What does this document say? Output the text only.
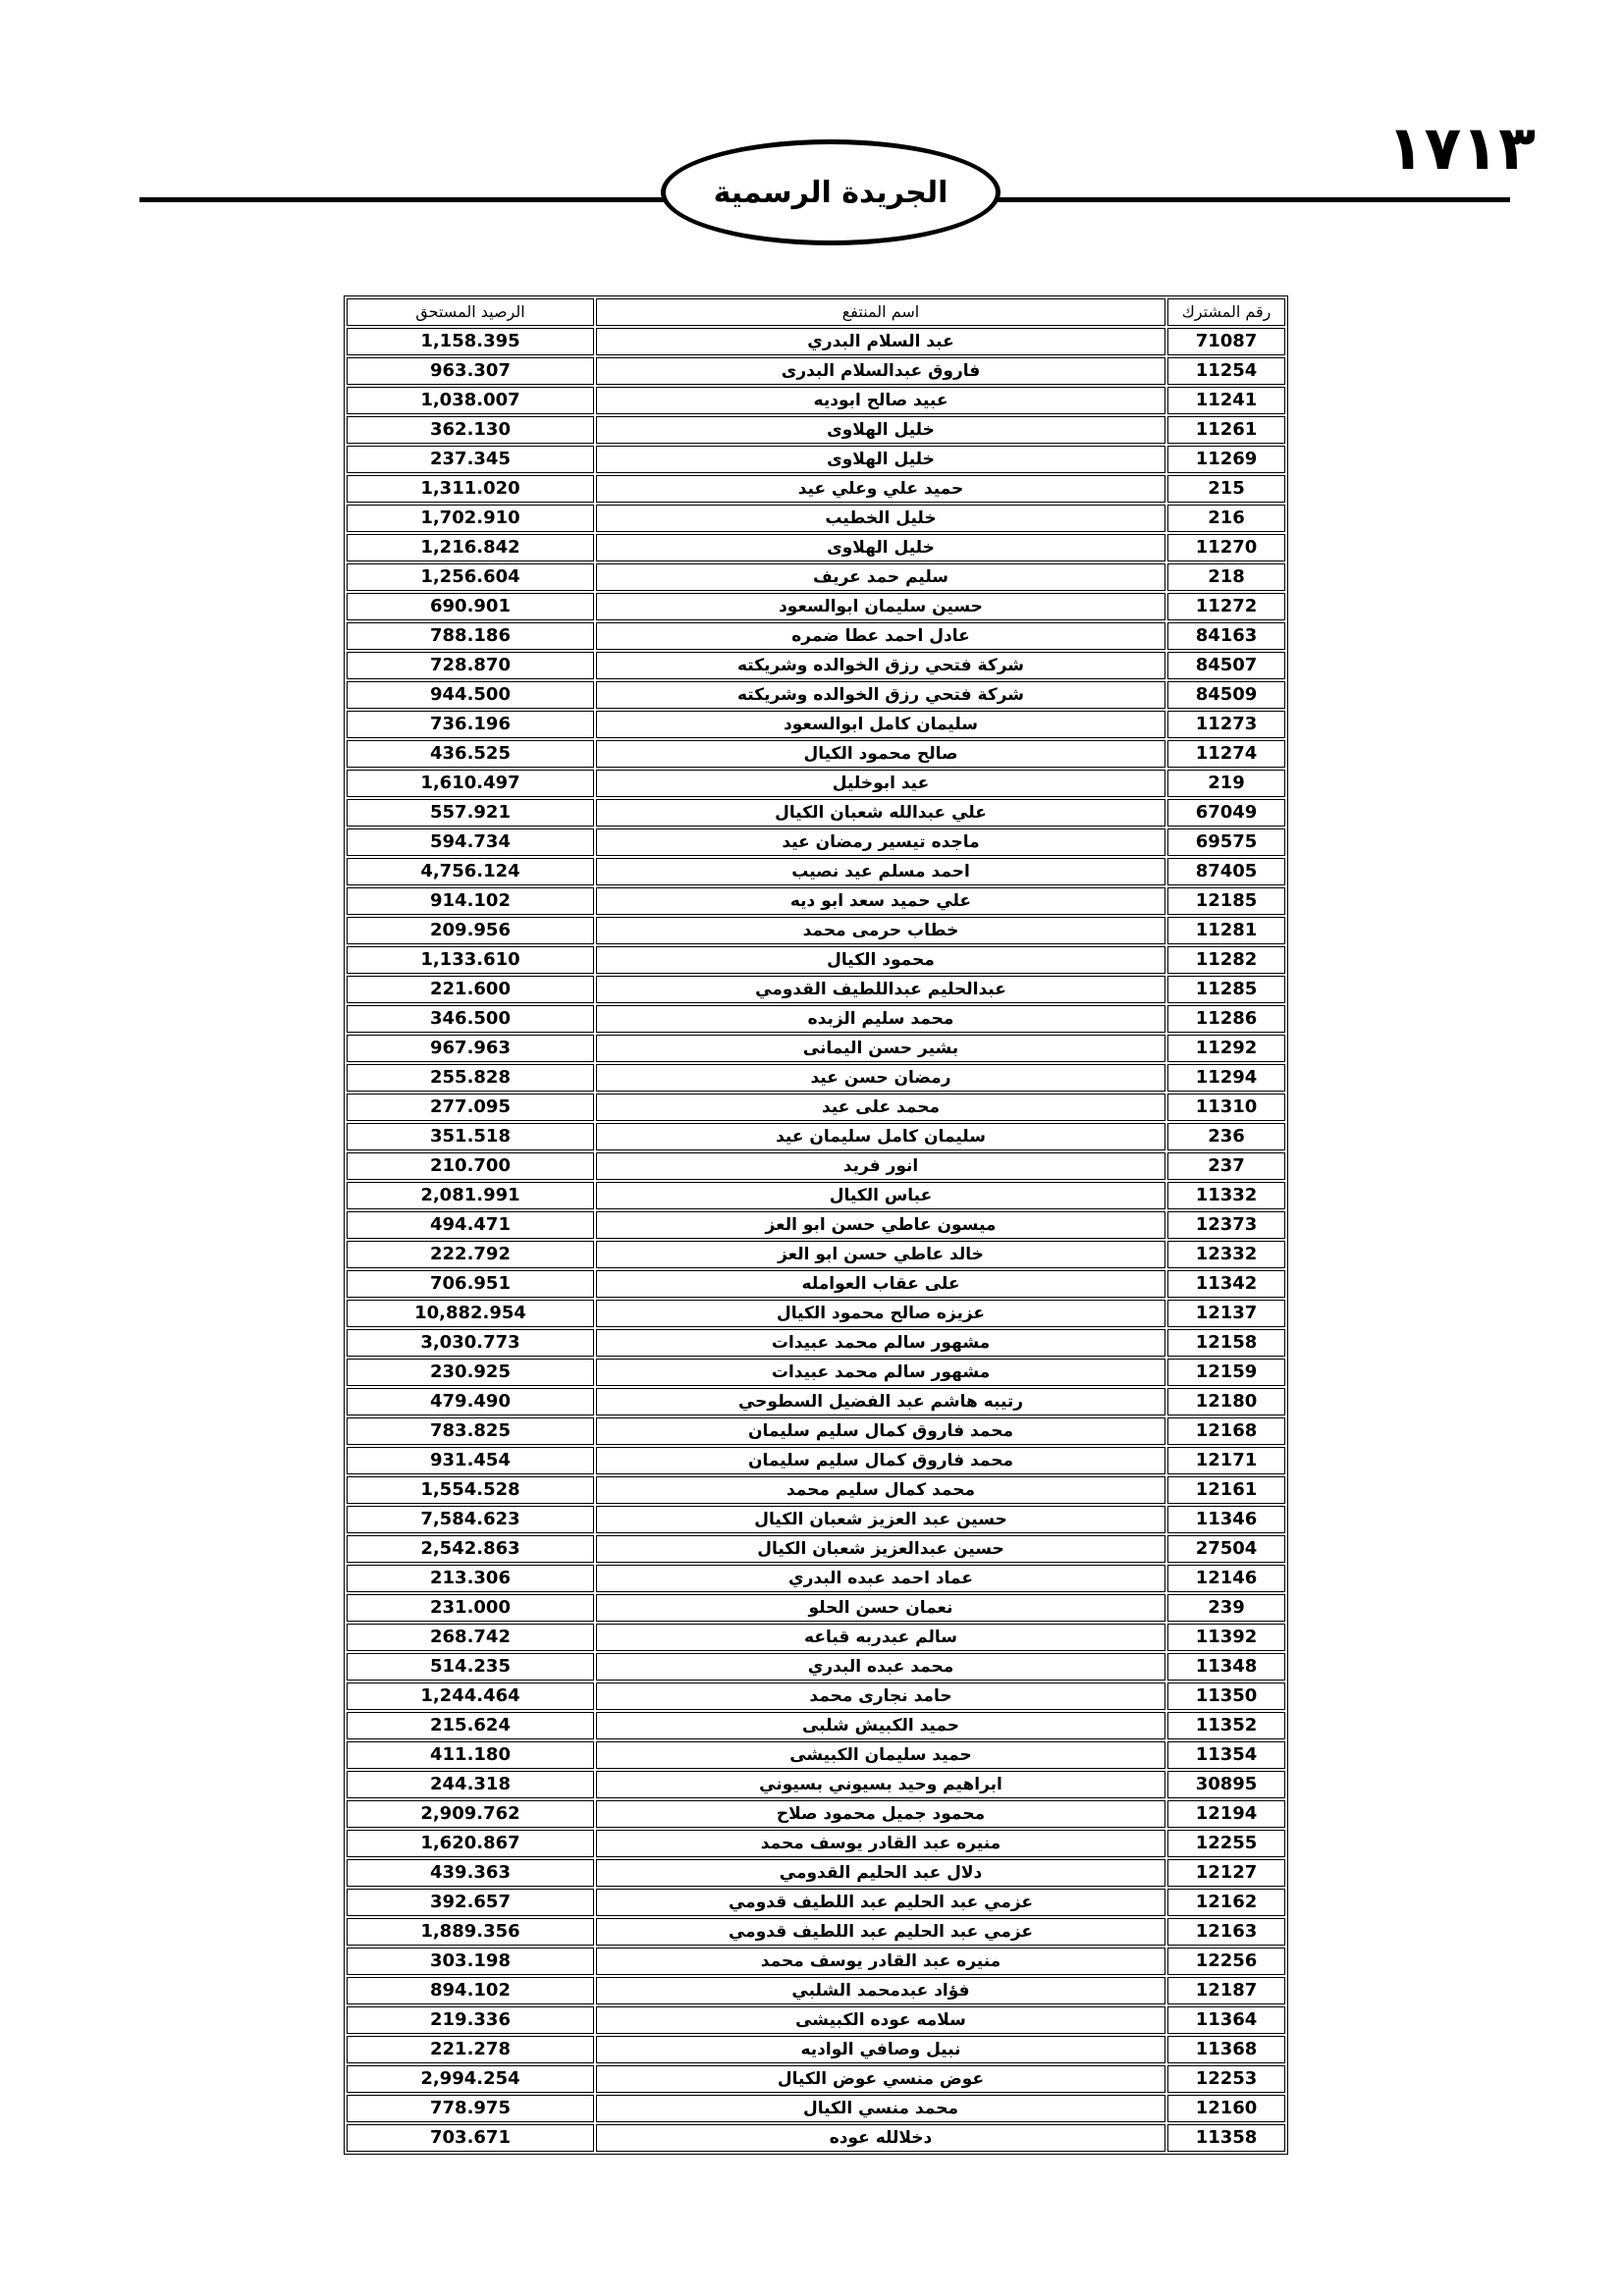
١٧١٣
الجريدة الرسمية
رقم المشترك	اسم المنتفع	الرصيد المستحق
71087	عبد السلام البدري	1,158.395
11254	فاروق عبدالسلام البدرى	963.307
11241	عبيد صالح ابوديه	1,038.007
11261	خليل الهلاوى	362.130
11269	خليل الهلاوى	237.345
215	حميد علي وعلي عيد	1,311.020
216	خليل الخطيب	1,702.910
11270	خليل الهلاوى	1,216.842
218	سليم حمد عريف	1,256.604
11272	حسين سليمان ابوالسعود	690.901
84163	عادل احمد عطا ضمره	788.186
84507	شركة فتحي رزق الخوالده وشريكته	728.870
84509	شركة فتحي رزق الخوالده وشريكته	944.500
11273	سليمان كامل ابوالسعود	736.196
11274	صالح محمود الكيال	436.525
219	عيد ابوخليل	1,610.497
67049	علي عبدالله شعبان الكيال	557.921
69575	ماجده تيسير رمضان عيد	594.734
87405	احمد مسلم عيد نصيب	4,756.124
12185	علي حميد سعد ابو ديه	914.102
11281	خطاب حرمى محمد	209.956
11282	محمود الكيال	1,133.610
11285	عبدالحليم عبداللطيف القدومي	221.600
11286	محمد سليم الزبده	346.500
11292	بشير حسن اليمانى	967.963
11294	رمضان حسن عيد	255.828
11310	محمد على عيد	277.095
236	سليمان كامل سليمان عيد	351.518
237	انور فريد	210.700
11332	عباس الكيال	2,081.991
12373	ميسون عاطي حسن ابو العز	494.471
12332	خالد عاطي حسن ابو العز	222.792
11342	على عقاب العوامله	706.951
12137	عزيزه صالح محمود الكيال	10,882.954
12158	مشهور سالم محمد عبيدات	3,030.773
12159	مشهور سالم محمد عبيدات	230.925
12180	رتيبه هاشم عبد الفضيل السطوحي	479.490
12168	محمد فاروق كمال سليم سليمان	783.825
12171	محمد فاروق كمال سليم سليمان	931.454
12161	محمد كمال سليم محمد	1,554.528
11346	حسين عبد العزيز شعبان الكيال	7,584.623
27504	حسين عبدالعزيز شعبان الكيال	2,542.863
12146	عماد احمد عبده البدري	213.306
239	نعمان حسن الحلو	231.000
11392	سالم عبدربه قباعه	268.742
11348	محمد عبده البدري	514.235
11350	حامد نجارى محمد	1,244.464
11352	حميد الكبيش شلبى	215.624
11354	حميد سليمان الكبيشى	411.180
30895	ابراهيم وحيد بسيوني بسيوني	244.318
12194	محمود جميل محمود صلاح	2,909.762
12255	منيره عبد القادر يوسف محمد	1,620.867
12127	دلال عبد الحليم القدومي	439.363
12162	عزمي عبد الحليم عبد اللطيف قدومي	392.657
12163	عزمي عبد الحليم عبد اللطيف قدومي	1,889.356
12256	منيره عبد القادر يوسف محمد	303.198
12187	فؤاد عبدمحمد الشلبي	894.102
11364	سلامه عوده الكبيشى	219.336
11368	نبيل وصافي الواديه	221.278
12253	عوض منسي عوض الكيال	2,994.254
12160	محمد منسي الكيال	778.975
11358	دخلالله عوده	703.671
